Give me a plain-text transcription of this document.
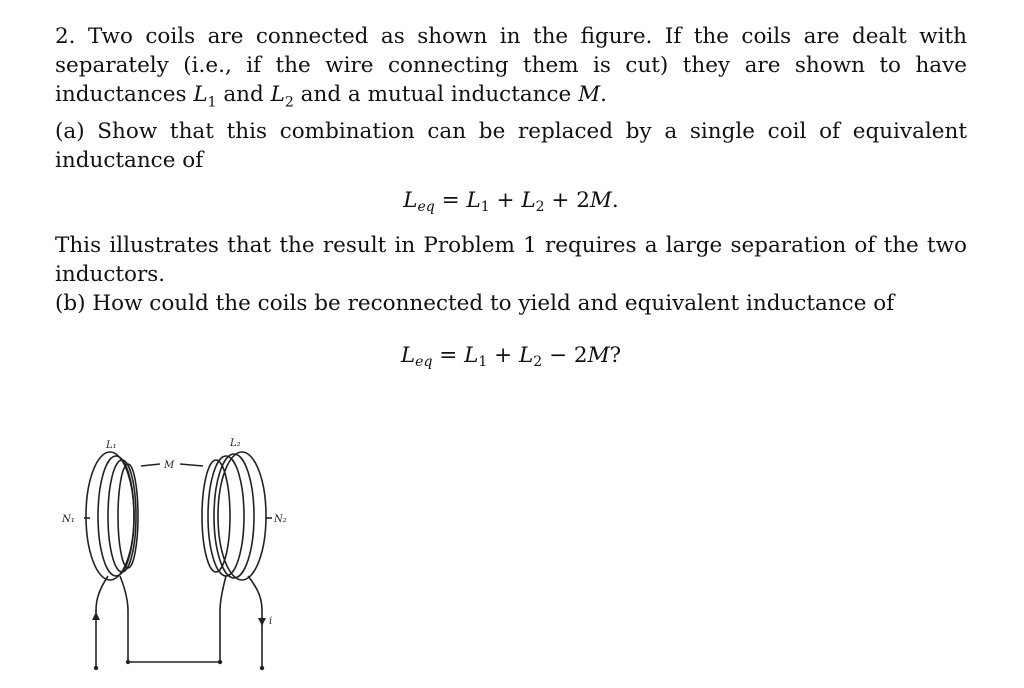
2. Two coils are connected as shown in the figure. If the coils are dealt with separately (i.e., if the wire connecting them is cut) they are shown to have inductances $L_1$ and $L_2$ and a mutual inductance M.

(a) Show that this combination can be replaced by a single coil of equivalent inductance of

$L_{eq} = L_1 + L_2 + 2M$.

This illustrates that the result in Problem 1 requires a large separation of the two inductors.

(b) How could the coils be reconnected to yield and equivalent inductance of

$L_{eq} = L_1 + L_2 - 2M$?
L₁	L₂
M
N₁	N₂
i
